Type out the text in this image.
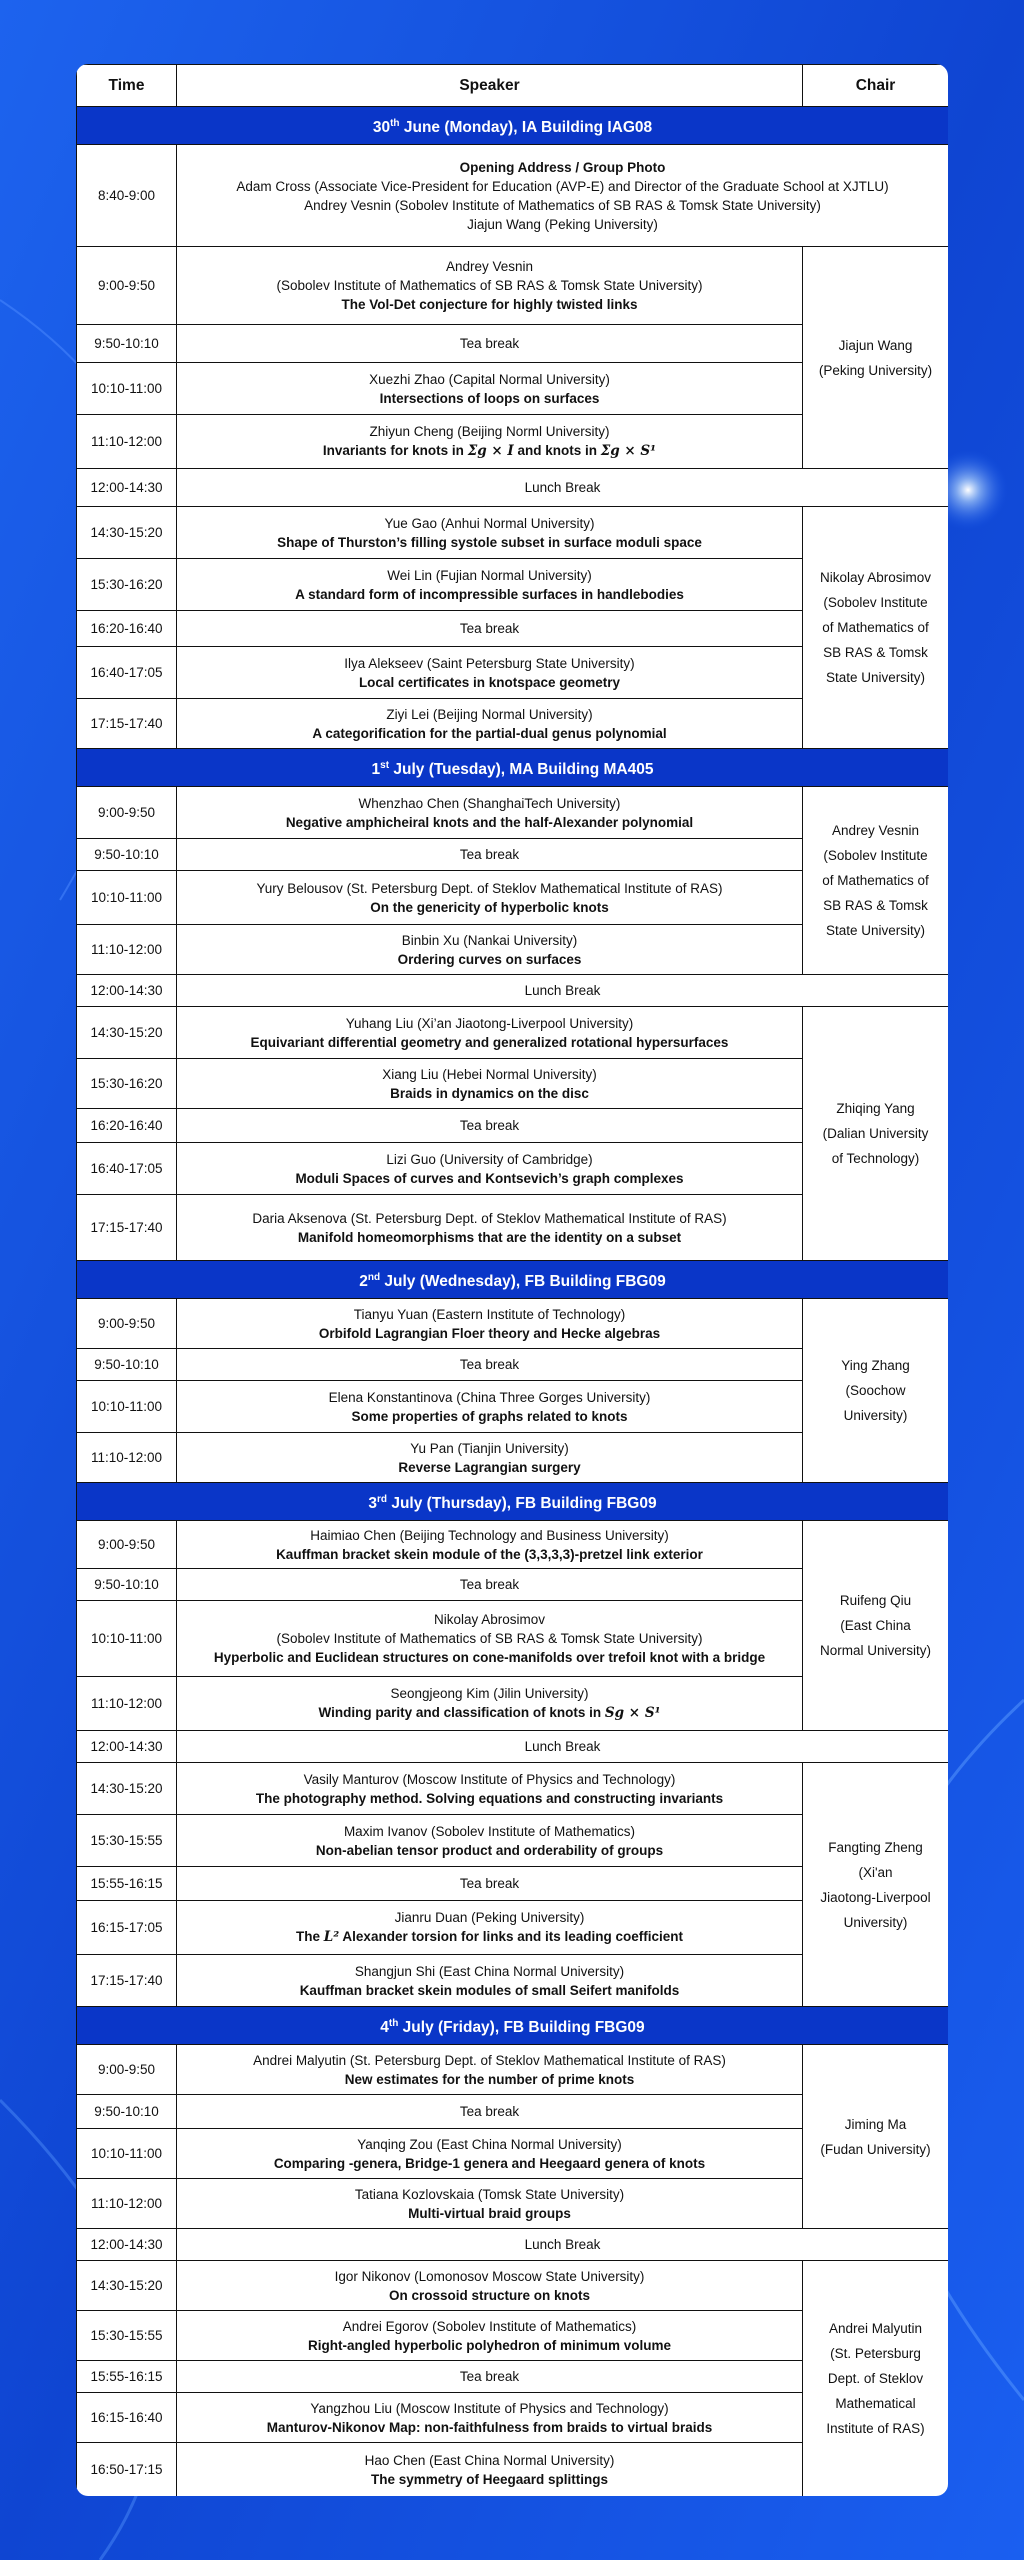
Time	Speaker	Chair
30th June (Monday), IA Building IAG08		
8:40-9:00	Opening Address / Group Photo
Adam Cross (Associate Vice-President for Education (AVP-E) and Director of the Graduate School at XJTLU)
Andrey Vesnin (Sobolev Institute of Mathematics of SB RAS & Tomsk State University)
Jiajun Wang (Peking University)	

9:00-9:50	Andrey Vesnin
(Sobolev Institute of Mathematics of SB RAS & Tomsk State University)
The Vol-Det conjecture for highly twisted links	Jiajun Wang
(Peking University)

9:50-10:10	Tea break	
10:10-11:00	Xuezhi Zhao (Capital Normal University)
Intersections of loops on surfaces	

11:10-12:00	Zhiyun Cheng (Beijing Norml University)
Invariants for knots in Σg × I and knots in Σg × S¹	

12:00-14:30	Lunch Break	
14:30-15:20	Yue Gao (Anhui Normal University)
Shape of Thurston’s filling systole subset in surface moduli space	Nikolay Abrosimov
(Sobolev Institute
of Mathematics of
SB RAS & Tomsk
State University)

15:30-16:20	Wei Lin (Fujian Normal University)
A standard form of incompressible surfaces in handlebodies	

16:20-16:40	Tea break	
16:40-17:05	Ilya Alekseev (Saint Petersburg State University)
Local certificates in knotspace geometry	

17:15-17:40	Ziyi Lei (Beijing Normal University)
A categorification for the partial-dual genus polynomial	

1st July (Tuesday), MA Building MA405		
9:00-9:50	Whenzhao Chen (ShanghaiTech University)
Negative amphicheiral knots and the half-Alexander polynomial	Andrey Vesnin
(Sobolev Institute
of Mathematics of
SB RAS & Tomsk
State University)

9:50-10:10	Tea break	
10:10-11:00	Yury Belousov (St. Petersburg Dept. of Steklov Mathematical Institute of RAS)
On the genericity of hyperbolic knots	

11:10-12:00	Binbin Xu (Nankai University)
Ordering curves on surfaces	

12:00-14:30	Lunch Break	
14:30-15:20	Yuhang Liu (Xi’an Jiaotong-Liverpool University)
Equivariant differential geometry and generalized rotational hypersurfaces	Zhiqing Yang
(Dalian University
of Technology)

15:30-16:20	Xiang Liu (Hebei Normal University)
Braids in dynamics on the disc	

16:20-16:40	Tea break	
16:40-17:05	Lizi Guo (University of Cambridge)
Moduli Spaces of curves and Kontsevich’s graph complexes	

17:15-17:40	Daria Aksenova (St. Petersburg Dept. of Steklov Mathematical Institute of RAS)
Manifold homeomorphisms that are the identity on a subset	

2nd July (Wednesday), FB Building FBG09		
9:00-9:50	Tianyu Yuan (Eastern Institute of Technology)
Orbifold Lagrangian Floer theory and Hecke algebras	Ying Zhang
(Soochow
University)

9:50-10:10	Tea break	
10:10-11:00	Elena Konstantinova (China Three Gorges University)
Some properties of graphs related to knots	

11:10-12:00	Yu Pan (Tianjin University)
Reverse Lagrangian surgery	

3rd July (Thursday), FB Building FBG09		
9:00-9:50	Haimiao Chen (Beijing Technology and Business University)
Kauffman bracket skein module of the (3,3,3,3)-pretzel link exterior	Ruifeng Qiu
(East China
Normal University)

9:50-10:10	Tea break	
10:10-11:00	Nikolay Abrosimov
(Sobolev Institute of Mathematics of SB RAS & Tomsk State University)
Hyperbolic and Euclidean structures on cone-manifolds over trefoil knot with a bridge	

11:10-12:00	Seongjeong Kim (Jilin University)
Winding parity and classification of knots in Sg × S¹	

12:00-14:30	Lunch Break	
14:30-15:20	Vasily Manturov (Moscow Institute of Physics and Technology)
The photography method. Solving equations and constructing invariants	Fangting Zheng
(Xi'an
Jiaotong-Liverpool
University)

15:30-15:55	Maxim Ivanov (Sobolev Institute of Mathematics)
Non-abelian tensor product and orderability of groups	

15:55-16:15	Tea break	
16:15-17:05	Jianru Duan (Peking University)
The L² Alexander torsion for links and its leading coefficient	

17:15-17:40	Shangjun Shi (East China Normal University)
Kauffman bracket skein modules of small Seifert manifolds	

4th July (Friday), FB Building FBG09		
9:00-9:50	Andrei Malyutin (St. Petersburg Dept. of Steklov Mathematical Institute of RAS)
New estimates for the number of prime knots	Jiming Ma
(Fudan University)

9:50-10:10	Tea break	
10:10-11:00	Yanqing Zou (East China Normal University)
Comparing -genera, Bridge-1 genera and Heegaard genera of knots	

11:10-12:00	Tatiana Kozlovskaia (Tomsk State University)
Multi-virtual braid groups	

12:00-14:30	Lunch Break	
14:30-15:20	Igor Nikonov (Lomonosov Moscow State University)
On crossoid structure on knots	Andrei Malyutin
(St. Petersburg
Dept. of Steklov
Mathematical
Institute of RAS)

15:30-15:55	Andrei Egorov (Sobolev Institute of Mathematics)
Right-angled hyperbolic polyhedron of minimum volume	

15:55-16:15	Tea break	
16:15-16:40	Yangzhou Liu (Moscow Institute of Physics and Technology)
Manturov-Nikonov Map: non-faithfulness from braids to virtual braids	

16:50-17:15	Hao Chen (East China Normal University)
The symmetry of Heegaard splittings	
